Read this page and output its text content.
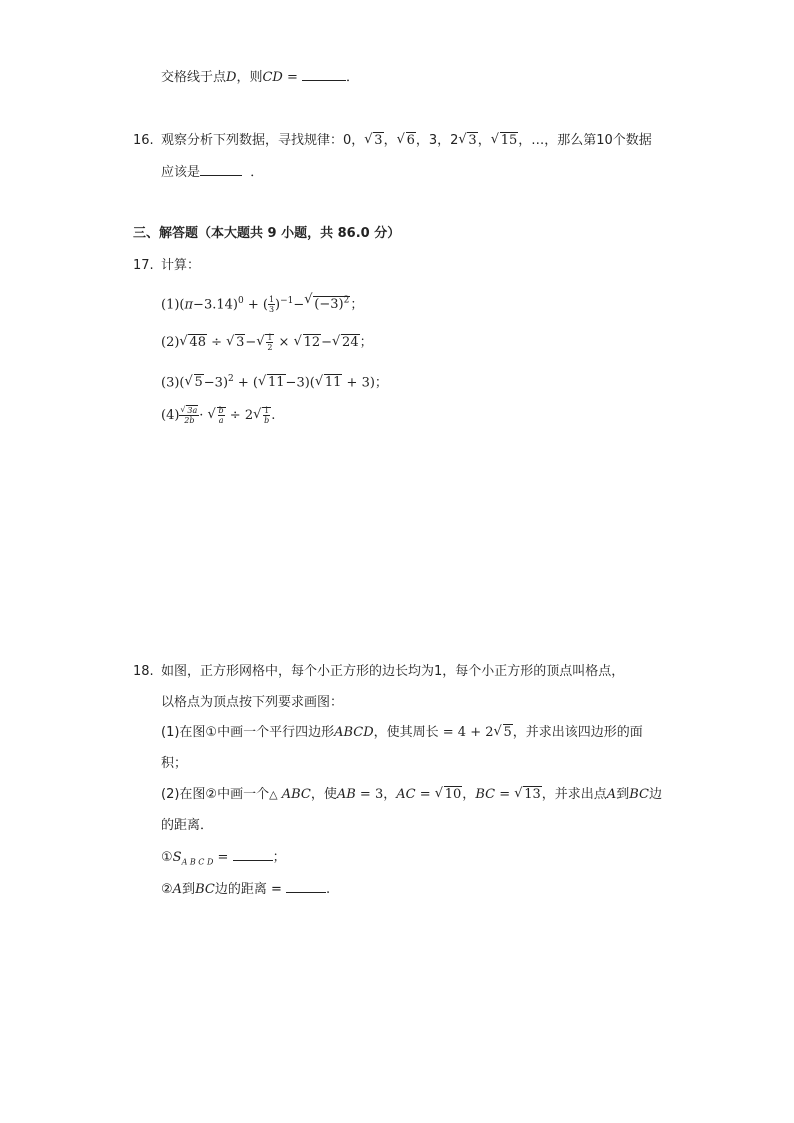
交格线于点D，则CD =	．
16. 观察分析下列数据，寻找规律：0，√ 3，√ 6，3，2√ 3，√ 15，…，那么第10个数据
应该是	．
三、解答题（本大题共 9 小题，共 86.0 分）
17. 计算：
$(1)(\pi-3.14)^0$ + ( $\frac{1}{3} )^{-1}-√$ $(-3)^2$；
(2)√ 48 ÷ √ 3−
√ $\frac{1}{2}$ × √ 12−√ 24；
(3)(√ 5−3)$^2$ + (√ 11−3)(√ 11 + 3)；
(4)
√ $\frac{3a}{2b}$ ·
√ $\frac{b}{a} \div 2$
√ $\frac{1}{b}$ .
18. 如图，正方形网格中，每个小正方形的边长均为1，每个小正方形的顶点叫格点，
以格点为顶点按下列要求画图：
(1)在图①中画一个平行四边形ABCD，使其周长 = 4 + 2√ 5，并求出该四边形的面
积；
(2)在图②中画一个△ ABC，使AB = 3，AC = √ 10，BC = √ 13，并求出点A到BC边
的距离．
$①S_{A B C D}$ =	；
②A到BC边的距离 =	.
